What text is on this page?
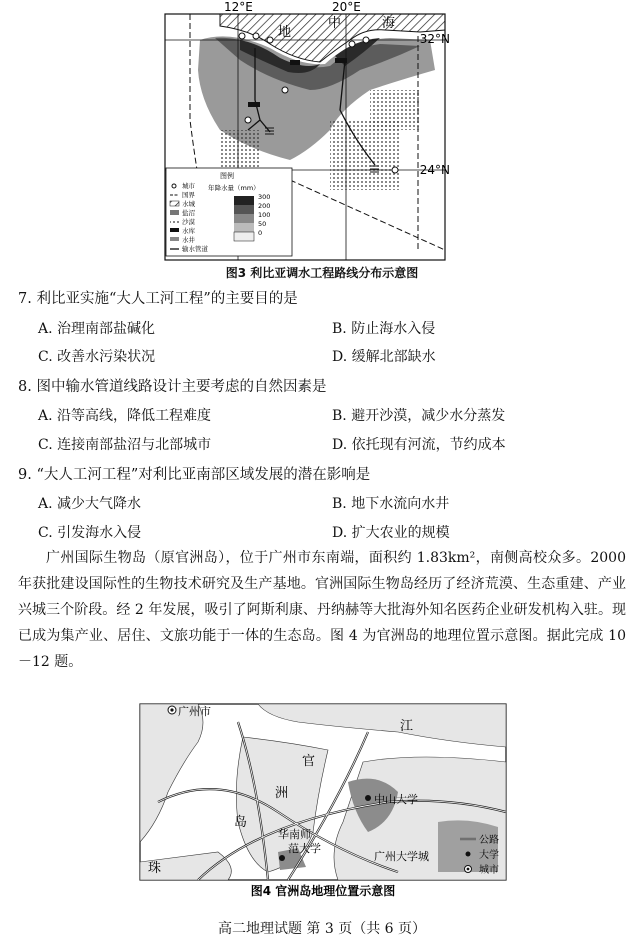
12°E	20°E
32°N
24°N
地
中	海
图例
城市
国界
水城
盐沼
沙漠
水库
水井
输水管道
年降水量（mm）
300
200
100
50
0
图3 利比亚调水工程路线分布示意图
7. 利比亚实施“大人工河工程”的主要目的是
A. 治理南部盐碱化	B. 防止海水入侵
C. 改善水污染状况	D. 缓解北部缺水
8. 图中输水管道线路设计主要考虑的自然因素是
A. 沿等高线，降低工程难度	B. 避开沙漠，减少水分蒸发
C. 连接南部盐沼与北部城市	D. 依托现有河流，节约成本
9. “大人工河工程”对利比亚南部区域发展的潜在影响是
A. 减少大气降水	B. 地下水流向水井
C. 引发海水入侵	D. 扩大农业的规模
广州国际生物岛（原官洲岛），位于广州市东南端，面积约 1.83km²，南侧高校众多。2000 年获批建设国际性的生物技术研究及生产基地。官洲国际生物岛经历了经济荒漠、生态重建、产业兴城三个阶段。经 2 年发展，吸引了阿斯利康、丹纳赫等大批海外知名医药企业研发机构入驻。现已成为集产业、居住、文旅功能于一体的生态岛。图 4 为官洲岛的地理位置示意图。据此完成 10 －12 题。
广州市
江
官
洲
岛
珠
中山大学
华南师
范大学
广州大学城
公路
大学
城市
图4 官洲岛地理位置示意图
高二地理试题 第 3 页（共 6 页）
